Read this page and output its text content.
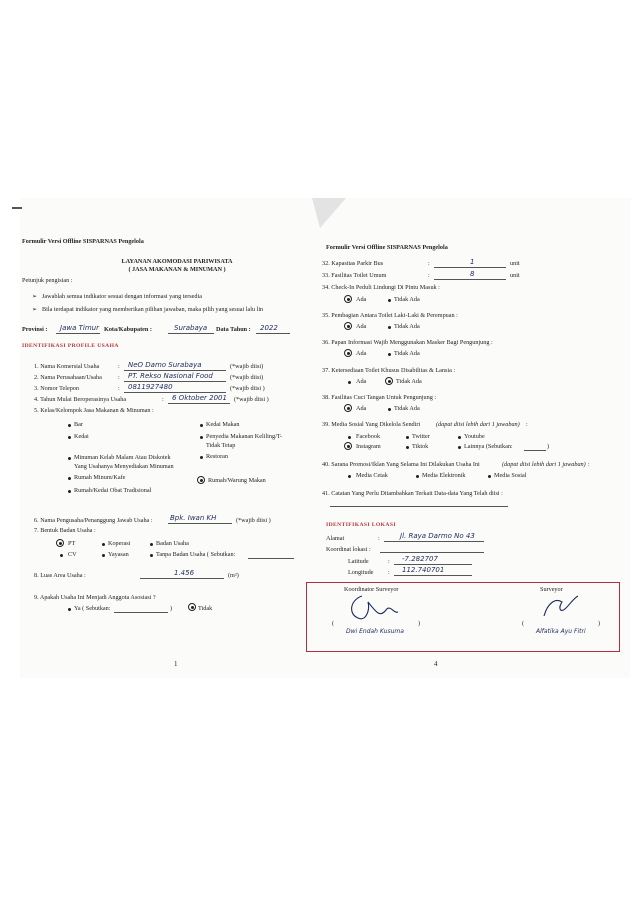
Formulir Versi Offline SISPARNAS Pengelola
LAYANAN AKOMODASI PARIWISATA
( JASA MAKANAN & MINUMAN )
Petunjuk pengisian :
➢ Jawablah semua indikator sesuai dengan informasi yang tersedia
➢ Bila terdapat indikator yang memberikan pilihan jawaban, maka pilih yang sesuai lalu lin
Provinsi : Jawa Timur Kota/Kabupaten :	Surabaya Data Tahun : 2022
IDENTIFIKASI PROFILE USAHA
1. Nama Komersial Usaha	: NeO Damo Surabaya	(*wajib diisi)
2. Nama Perusahaan/Usaha	: PT. Rekso Nasional Food	(*wajib diisi)
3. Nomor Telepon	: 0811927480	(*wajib diisi )
4. Tahun Mulai Beroperasinya Usaha	: 6 Oktober 2001 (*wajib diisi )
5. Kelas/Kelompok Jasa Makanan & Minuman :
Bar
Kedai
Minuman Kelab Malam Atau Diskotek
Yang Usahanya Menyediakan Minuman
Rumah Minum/Kafe
Rumah/Kedai Obat Tradisional
Kedai Makan
Penyedia Makanan Keliling/T-
Tidak Tetap
Restoran
Rumah/Warung Makan
6. Nama Pengusaha/Penanggung Jawab Usaha : Bpk. Iwan KH	(*wajib diisi )
7. Bentuk Badan Usaha :
PT	Koperasi	Badan Usaha
CV	Yayasan	Tanpa Badan Usaha ( Sebutkan:
8. Luas Area Usaha :	1.456	(m²)
9. Apakah Usaha Ini Menjadi Anggota Asosiasi ?
Ya ( Sebutkan:	)	Tidak
1
Formulir Versi Offline SISPARNAS Pengelola
32. Kapasitas Parkir Bus	:	1	unit
33. Fasilitas Toilet Umum	:	8	unit
34. Check-In Peduli Lindungi Di Pintu Masuk :
Ada	Tidak Ada
35. Pembagian Antara Toilet Laki-Laki & Perempuan :
Ada	Tidak Ada
36. Papan Informasi Wajib Menggunakan Masker Bagi Pengunjung :
Ada	Tidak Ada
37. Ketersediaan Toilet Khusus Disabilitas & Lansia :
Ada	Tidak Ada
38. Fasilitas Cuci Tangan Untuk Pengunjung :
Ada	Tidak Ada
39. Media Sosial Yang Dikelola Sendiri	(dapat diisi lebih dari 1 jawaban) :
Facebook	Twitter	Youtube
Instagram	Tiktok	Lainnya (Sebutkan:	)
40. Sarana Promosi/Iklan Yang Selama Ini Dilakukan Usaha Ini	(dapat diisi lebih dari 1 jawaban) :
Media Cetak	Media Elektronik	Media Sosial
41. Catatan Yang Perlu Ditambahkan Terkait Data-data Yang Telah diisi :
IDENTIFIKASI LOKASI
Alamat	:	Jl. Raya Darmo No 43
Koordinat lokasi :
Latitude	: -7.282707
Longitude : 112.740701
Koordinator Surveyor	Surveyor
(	)
Dwi Endah Kusuma
(	)
Alfatika Ayu Fitri
4
